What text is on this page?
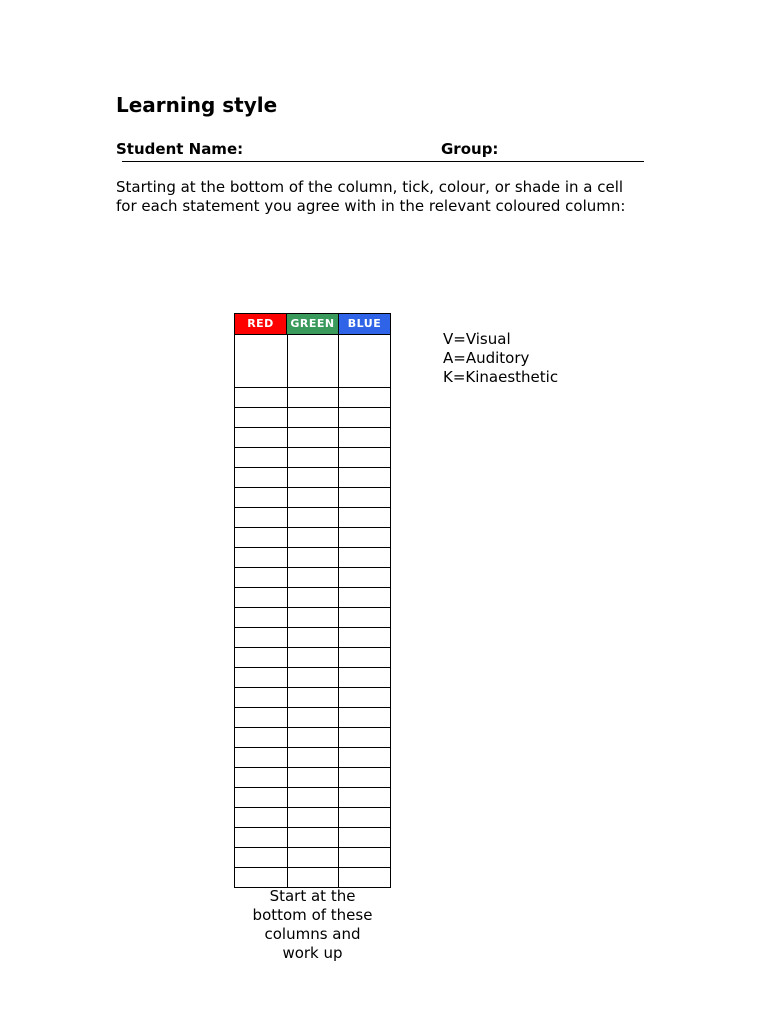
Learning style
Student Name:	Group:

Starting at the bottom of the column, tick, colour, or shade in a cell
for each statement you agree with in the relevant coloured column:

RED	GREEN	BLUE
V=Visual
A=Auditory
K=Kinaesthetic

Start at the
bottom of these
columns and
work up
